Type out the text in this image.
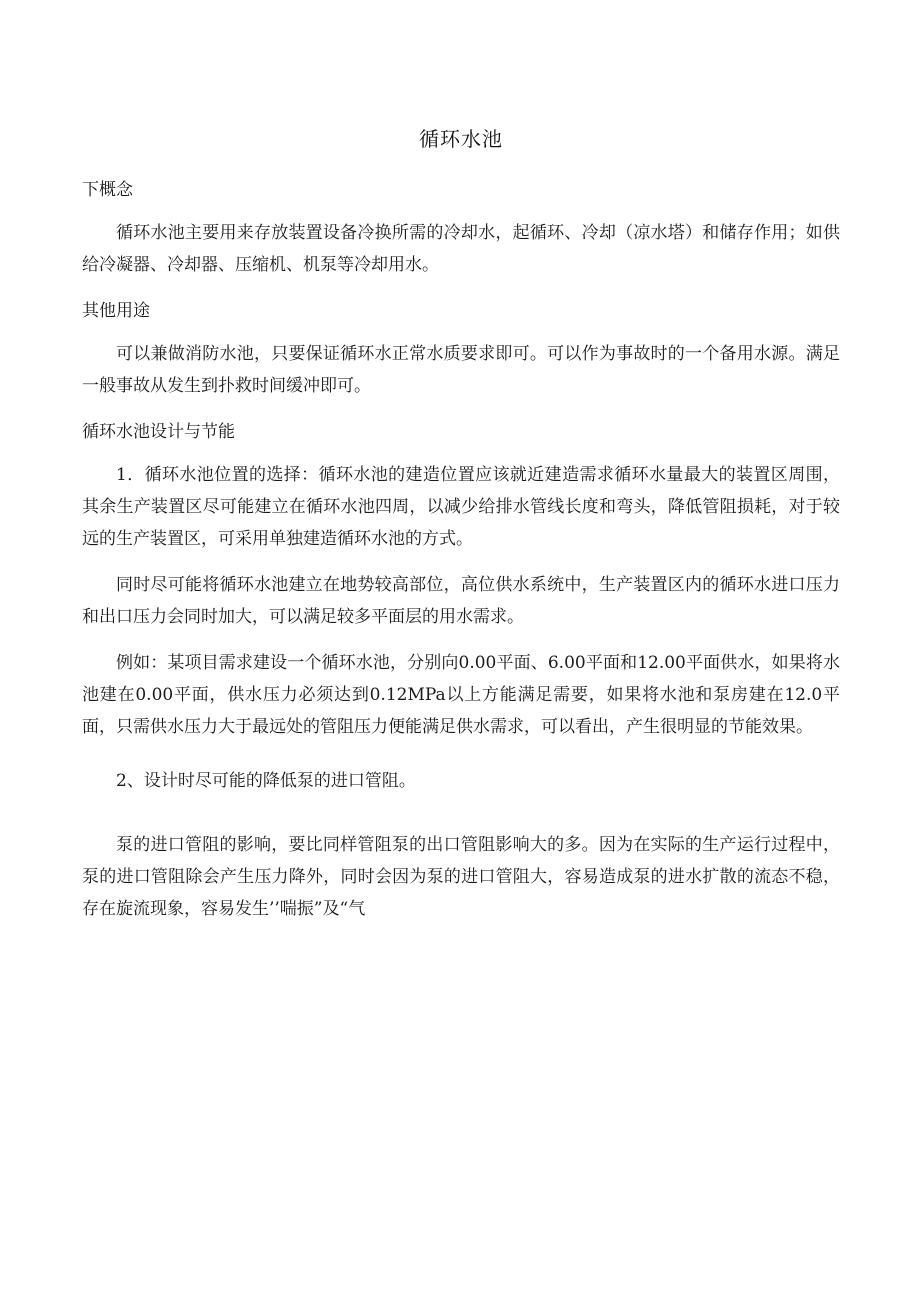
循环水池
下概念

循环水池主要用来存放装置设备冷换所需的冷却水，起循环、冷却（凉水塔）和储存作用；如供给冷凝器、冷却器、压缩机、机泵等冷却用水。

其他用途

可以兼做消防水池，只要保证循环水正常水质要求即可。可以作为事故时的一个备用水源。满足一般事故从发生到扑救时间缓冲即可。

循环水池设计与节能

1．循环水池位置的选择：循环水池的建造位置应该就近建造需求循环水量最大的装置区周围，其余生产装置区尽可能建立在循环水池四周，以减少给排水管线长度和弯头，降低管阻损耗，对于较远的生产装置区，可采用单独建造循环水池的方式。

同时尽可能将循环水池建立在地势较高部位，高位供水系统中，生产装置区内的循环水进口压力和出口压力会同时加大，可以满足较多平面层的用水需求。

例如：某项目需求建设一个循环水池，分别向0.00平面、6.00平面和12.00平面供水，如果将水池建在0.00平面，供水压力必须达到0.12MPa以上方能满足需要，如果将水池和泵房建在12.0平面，只需供水压力大于最远处的管阻压力便能满足供水需求，可以看出，产生很明显的节能效果。

2、设计时尽可能的降低泵的进口管阻。

泵的进口管阻的影响，要比同样管阻泵的出口管阻影响大的多。因为在实际的生产运行过程中，泵的进口管阻除会产生压力降外，同时会因为泵的进口管阻大，容易造成泵的进水扩散的流态不稳，存在旋流现象，容易发生’’喘振”及“气
